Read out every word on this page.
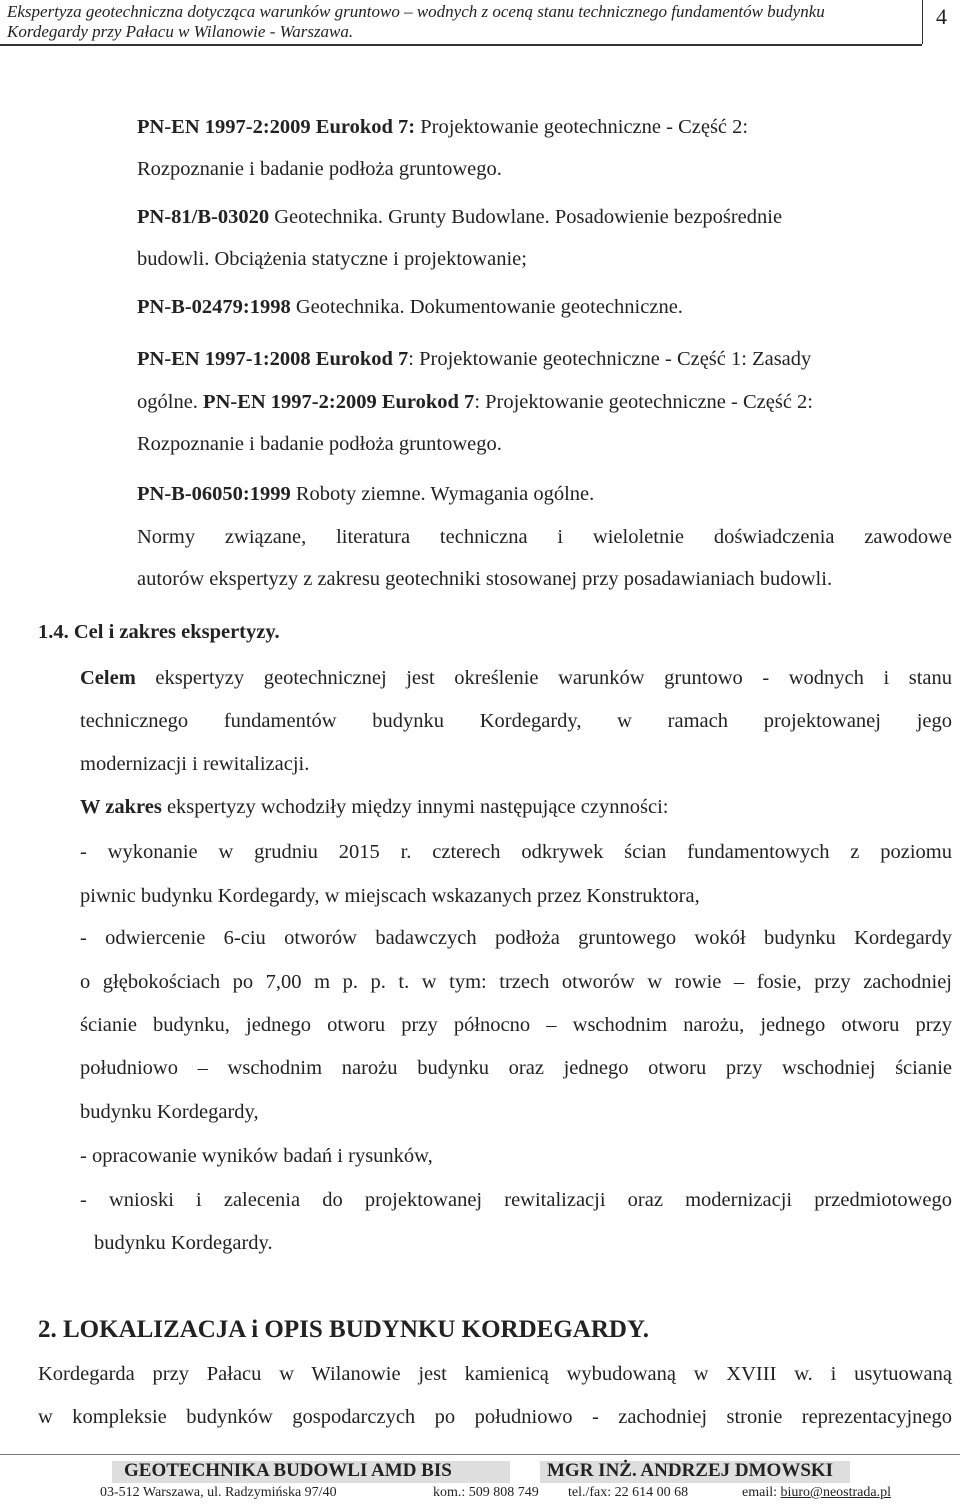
Ekspertyza geotechniczna dotycząca warunków gruntowo – wodnych z oceną stanu technicznego fundamentów budynku
Kordegardy przy Pałacu w Wilanowie - Warszawa.
4
PN-EN 1997-2:2009 Eurokod 7: Projektowanie geotechniczne - Część 2:
Rozpoznanie i badanie podłoża gruntowego.
PN-81/B-03020 Geotechnika. Grunty Budowlane. Posadowienie bezpośrednie
budowli. Obciążenia statyczne i projektowanie;
PN-B-02479:1998 Geotechnika. Dokumentowanie geotechniczne.
PN-EN 1997-1:2008 Eurokod 7: Projektowanie geotechniczne - Część 1: Zasady
ogólne. PN-EN 1997-2:2009 Eurokod 7: Projektowanie geotechniczne - Część 2:
Rozpoznanie i badanie podłoża gruntowego.
PN-B-06050:1999 Roboty ziemne. Wymagania ogólne.
Normy związane, literatura techniczna i wieloletnie doświadczenia zawodowe
autorów ekspertyzy z zakresu geotechniki stosowanej przy posadawianiach budowli.
1.4. Cel i zakres ekspertyzy.
Celem ekspertyzy geotechnicznej jest określenie warunków gruntowo - wodnych i stanu
technicznego fundamentów budynku Kordegardy, w ramach projektowanej jego
modernizacji i rewitalizacji.
W zakres ekspertyzy wchodziły między innymi następujące czynności:
- wykonanie w grudniu 2015 r. czterech odkrywek ścian fundamentowych z poziomu
piwnic budynku Kordegardy, w miejscach wskazanych przez Konstruktora,
- odwiercenie 6-ciu otworów badawczych podłoża gruntowego wokół budynku Kordegardy
o głębokościach po 7,00 m p. p. t. w tym: trzech otworów w rowie – fosie, przy zachodniej
ścianie budynku, jednego otworu przy północno – wschodnim narożu, jednego otworu przy
południowo – wschodnim narożu budynku oraz jednego otworu przy wschodniej ścianie
budynku Kordegardy,
- opracowanie wyników badań i rysunków,
- wnioski i zalecenia do projektowanej rewitalizacji oraz modernizacji przedmiotowego
budynku Kordegardy.
2. LOKALIZACJA i OPIS BUDYNKU KORDEGARDY.
Kordegarda przy Pałacu w Wilanowie jest kamienicą wybudowaną w XVIII w. i usytuowaną
w kompleksie budynków gospodarczych po południowo - zachodniej stronie reprezentacyjnego
GEOTECHNIKA BUDOWLI AMD BIS	MGR INŻ. ANDRZEJ DMOWSKI
03-512 Warszawa, ul. Radzymińska 97/40	kom.: 509 808 749 tel./fax: 22 614 00 68	email: biuro@neostrada.pl
